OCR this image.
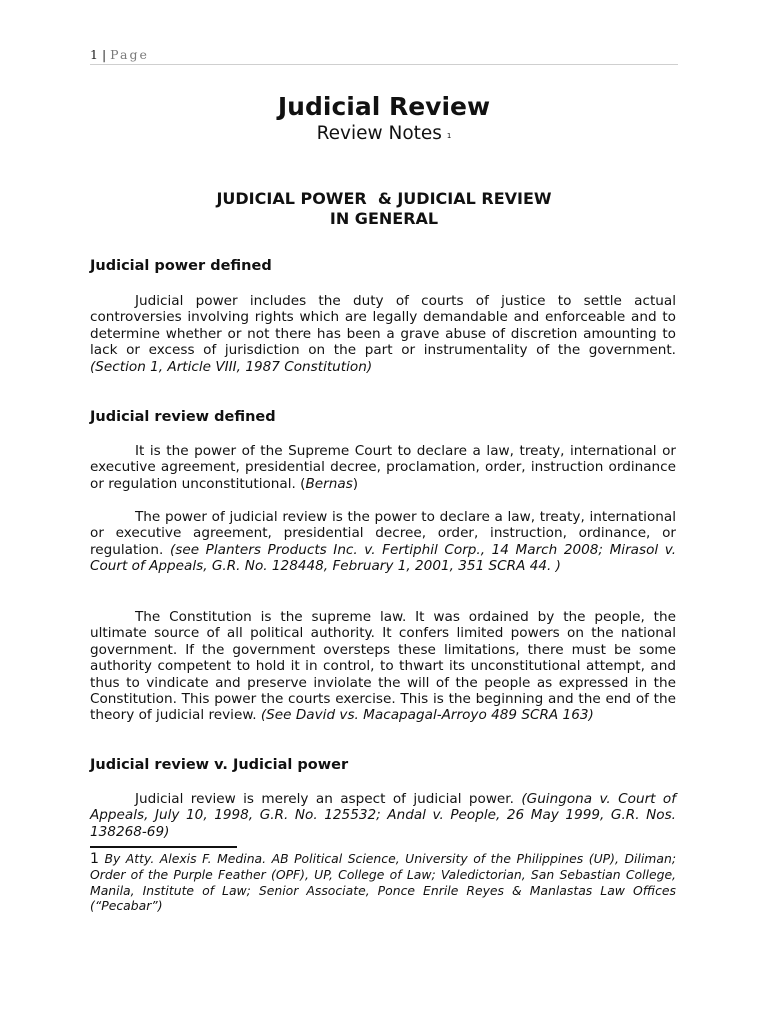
1 | Page
Judicial Review
Review Notes $^1$
JUDICIAL POWER  & JUDICIAL REVIEW
IN GENERAL
Judicial power defined
Judicial power includes the duty of courts of justice to settle actual controversies involving rights which are legally demandable and enforceable and to determine whether or not there has been a grave abuse of discretion amounting to lack or excess of jurisdiction on the part or instrumentality of the government. (Section 1, Article VIII, 1987 Constitution)
Judicial review defined
It is the power of the Supreme Court to declare a law, treaty, international or executive agreement, presidential decree, proclamation, order, instruction ordinance or regulation unconstitutional. (Bernas)
The power of judicial review is the power to declare a law, treaty, international or executive agreement, presidential decree, order, instruction, ordinance, or regulation. (see Planters Products Inc. v. Fertiphil Corp., 14 March 2008; Mirasol v. Court of Appeals, G.R. No. 128448, February 1, 2001, 351 SCRA 44. )
The Constitution is the supreme law. It was ordained by the people, the ultimate source of all political authority. It confers limited powers on the national government. If the government oversteps these limitations, there must be some authority competent to hold it in control, to thwart its unconstitutional attempt, and thus to vindicate and preserve inviolate the will of the people as expressed in the Constitution. This power the courts exercise. This is the beginning and the end of the theory of judicial review. (See David vs. Macapagal-Arroyo 489 SCRA 163)
Judicial review v. Judicial power
Judicial review is merely an aspect of judicial power. (Guingona v. Court of Appeals, July 10, 1998, G.R. No. 125532; Andal v. People, 26 May 1999, G.R. Nos. 138268-69)
1 By Atty. Alexis F. Medina. AB Political Science, University of the Philippines (UP), Diliman; Order of the Purple Feather (OPF), UP, College of Law; Valedictorian, San Sebastian College, Manila, Institute of Law; Senior Associate, Ponce Enrile Reyes & Manlastas Law Offices (“Pecabar”)
